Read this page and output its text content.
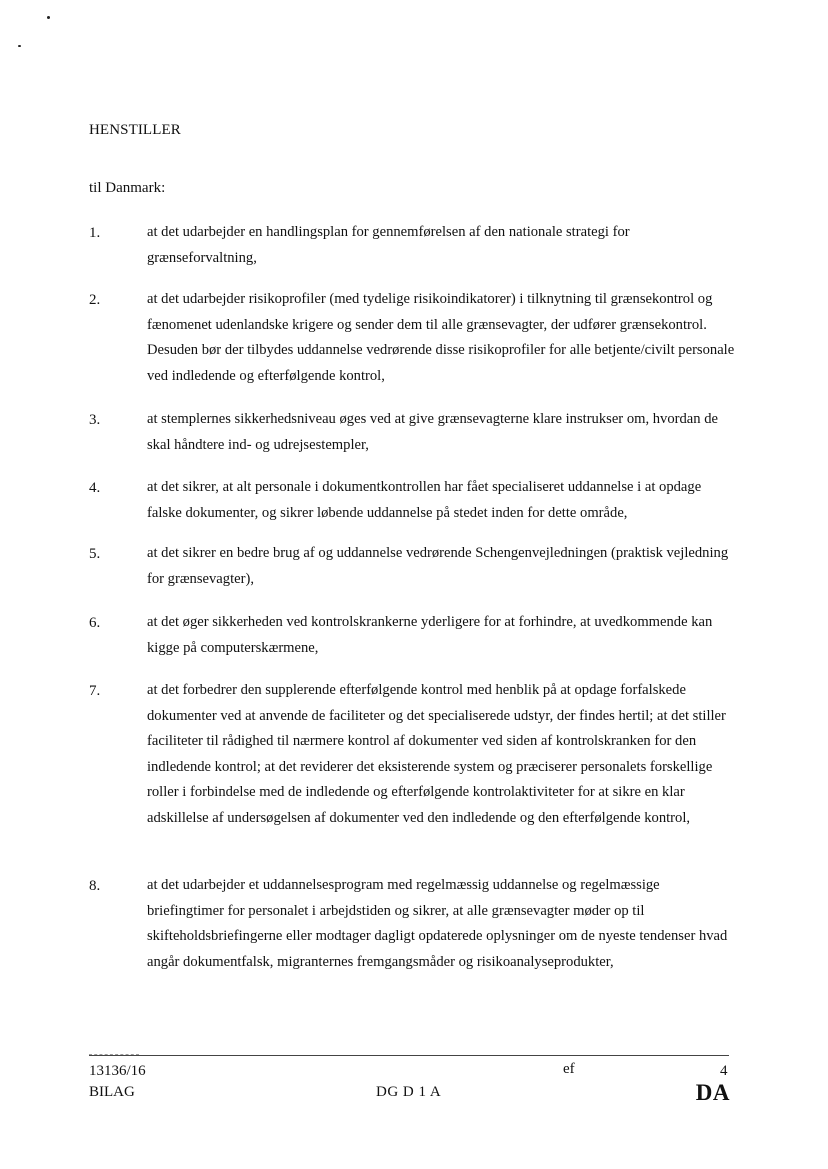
HENSTILLER
til Danmark:
1.	at det udarbejder en handlingsplan for gennemførelsen af den nationale strategi for grænseforvaltning,
2.	at det udarbejder risikoprofiler (med tydelige risikoindikatorer) i tilknytning til grænsekontrol og fænomenet udenlandske krigere og sender dem til alle grænsevagter, der udfører grænsekontrol. Desuden bør der tilbydes uddannelse vedrørende disse risikoprofiler for alle betjente/civilt personale ved indledende og efterfølgende kontrol,
3.	at stemplernes sikkerhedsniveau øges ved at give grænsevagterne klare instrukser om, hvordan de skal håndtere ind- og udrejsestempler,
4.	at det sikrer, at alt personale i dokumentkontrollen har fået specialiseret uddannelse i at opdage falske dokumenter, og sikrer løbende uddannelse på stedet inden for dette område,
5.	at det sikrer en bedre brug af og uddannelse vedrørende Schengenvejledningen (praktisk vejledning for grænsevagter),
6.	at det øger sikkerheden ved kontrolskrankerne yderligere for at forhindre, at uvedkommende kan kigge på computerskærmene,
7.	at det forbedrer den supplerende efterfølgende kontrol med henblik på at opdage forfalskede dokumenter ved at anvende de faciliteter og det specialiserede udstyr, der findes hertil; at det stiller faciliteter til rådighed til nærmere kontrol af dokumenter ved siden af kontrolskranken for den indledende kontrol; at det reviderer det eksisterende system og præciserer personalets forskellige roller i forbindelse med de indledende og efterfølgende kontrolaktiviteter for at sikre en klar adskillelse af undersøgelsen af dokumenter ved den indledende og den efterfølgende kontrol,
8.	at det udarbejder et uddannelsesprogram med regelmæssig uddannelse og regelmæssige briefingtimer for personalet i arbejdstiden og sikrer, at alle grænsevagter møder op til skifteholdsbriefingerne eller modtager dagligt opdaterede oplysninger om de nyeste tendenser hvad angår dokumentfalsk, migranternes fremgangsmåder og risikoanalyseprodukter,
13136/16	ef	4
BILAG	DG D 1 A	DA
